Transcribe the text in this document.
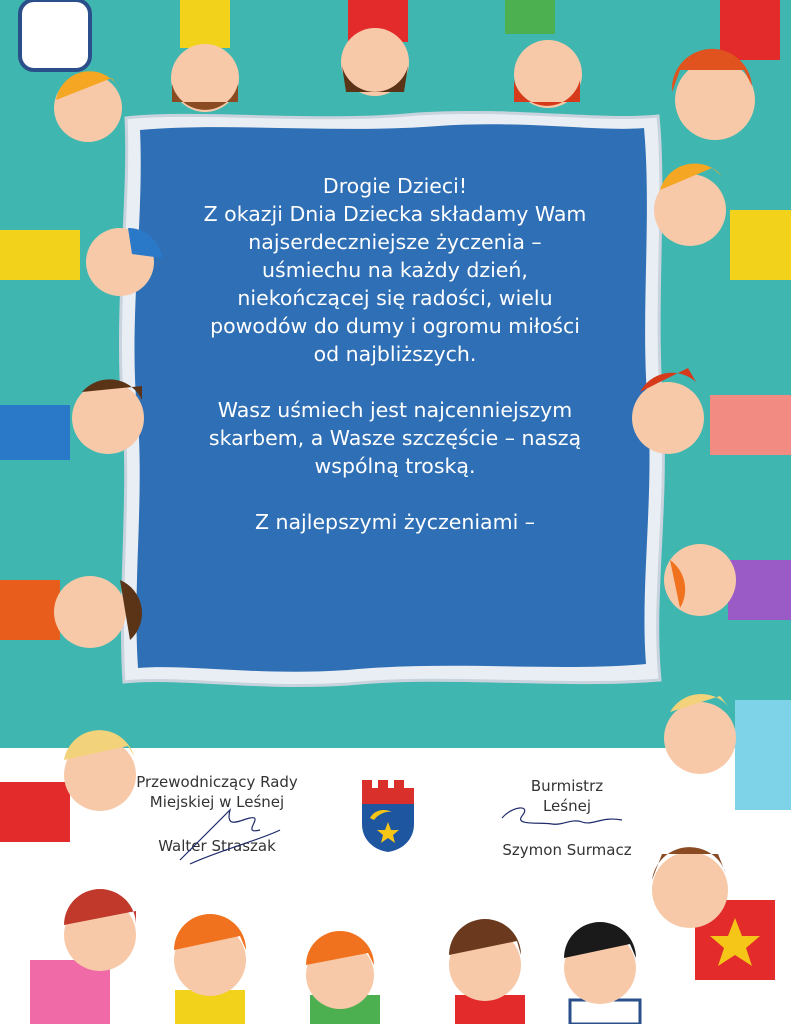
Drogie Dzieci!

Z okazji Dnia Dziecka składamy Wam

najserdeczniejsze życzenia –

uśmiechu na każdy dzień,

niekończącej się radości, wielu

powodów do dumy i ogromu miłości

od najbliższych.

Wasz uśmiech jest najcenniejszym

skarbem, a Wasze szczęście – naszą

wspólną troską.

Z najlepszymi życzeniami –

Przewodniczący Rady
Miejskiej w Leśnej
Walter Straszak
Burmistrz
Leśnej
Szymon Surmacz
